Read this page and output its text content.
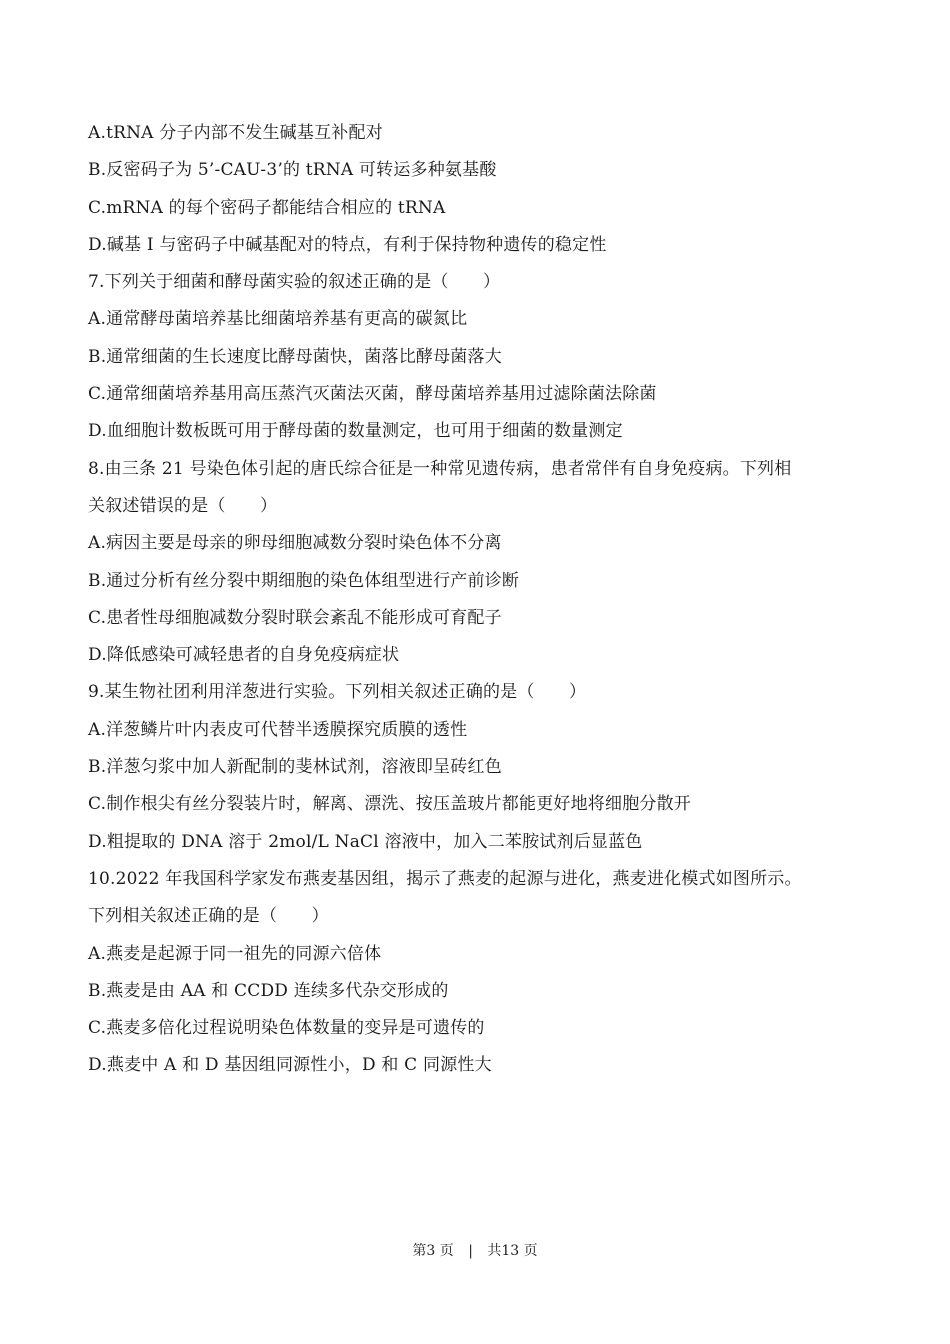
A.tRNA 分子内部不发生碱基互补配对
B.反密码子为 5’-CAU-3’的 tRNA 可转运多种氨基酸
C.mRNA 的每个密码子都能结合相应的 tRNA
D.碱基 I 与密码子中碱基配对的特点，有利于保持物种遗传的稳定性
7.下列关于细菌和酵母菌实验的叙述正确的是（　　）
A.通常酵母菌培养基比细菌培养基有更高的碳氮比
B.通常细菌的生长速度比酵母菌快，菌落比酵母菌落大
C.通常细菌培养基用高压蒸汽灭菌法灭菌，酵母菌培养基用过滤除菌法除菌
D.血细胞计数板既可用于酵母菌的数量测定，也可用于细菌的数量测定
8.由三条 21 号染色体引起的唐氏综合征是一种常见遗传病，患者常伴有自身免疫病。下列相
关叙述错误的是（　　）
A.病因主要是母亲的卵母细胞减数分裂时染色体不分离
B.通过分析有丝分裂中期细胞的染色体组型进行产前诊断
C.患者性母细胞减数分裂时联会紊乱不能形成可育配子
D.降低感染可减轻患者的自身免疫病症状
9.某生物社团利用洋葱进行实验。下列相关叙述正确的是（　　）
A.洋葱鳞片叶内表皮可代替半透膜探究质膜的透性
B.洋葱匀浆中加人新配制的斐林试剂，溶液即呈砖红色
C.制作根尖有丝分裂装片时，解离、漂洗、按压盖玻片都能更好地将细胞分散开
D.粗提取的 DNA 溶于 2mol/L NaCl 溶液中，加入二苯胺试剂后显蓝色
10.2022 年我国科学家发布燕麦基因组，揭示了燕麦的起源与进化，燕麦进化模式如图所示。
下列相关叙述正确的是（　　）
A.燕麦是起源于同一祖先的同源六倍体
B.燕麦是由 AA 和 CCDD 连续多代杂交形成的
C.燕麦多倍化过程说明染色体数量的变异是可遗传的
D.燕麦中 A 和 D 基因组同源性小，D 和 C 同源性大
第3 页 | 共13 页
